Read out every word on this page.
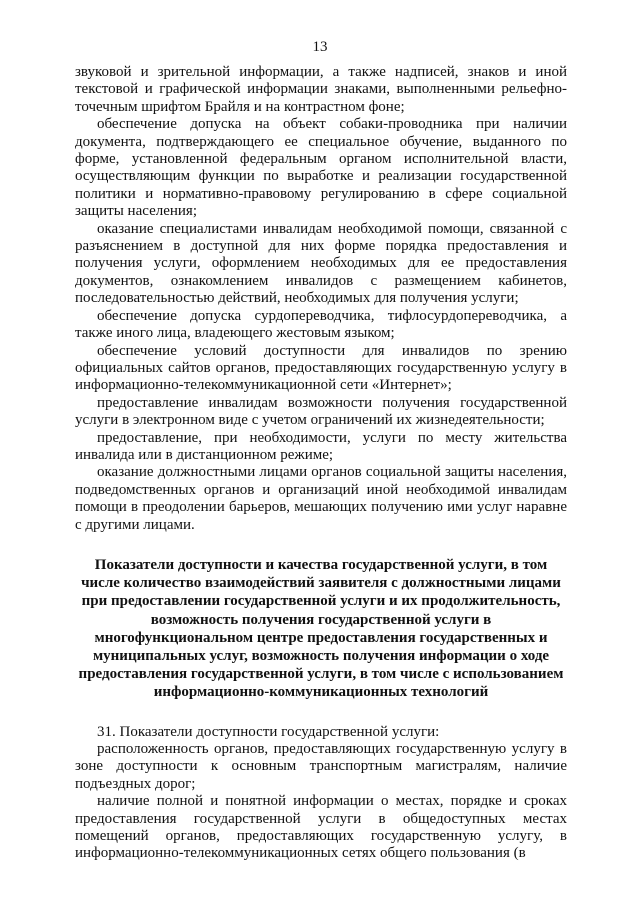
13

звуковой и зрительной информации, а также надписей, знаков и иной текстовой и графической информации знаками, выполненными рельефно-точечным шрифтом Брайля и на контрастном фоне;

обеспечение допуска на объект собаки-проводника при наличии документа, подтверждающего ее специальное обучение, выданного по форме, установленной федеральным органом исполнительной власти, осуществляющим функции по выработке и реализации государственной политики и нормативно-правовому регулированию в сфере социальной защиты населения;

оказание специалистами инвалидам необходимой помощи, связанной с разъяснением в доступной для них форме порядка предоставления и получения услуги, оформлением необходимых для ее предоставления документов, ознакомлением инвалидов с размещением кабинетов, последовательностью действий, необходимых для получения услуги;

обеспечение допуска сурдопереводчика, тифлосурдопереводчика, а также иного лица, владеющего жестовым языком;

обеспечение условий доступности для инвалидов по зрению официальных сайтов органов, предоставляющих государственную услугу в информационно-телекоммуникационной сети «Интернет»;

предоставление инвалидам возможности получения государственной услуги в электронном виде с учетом ограничений их жизнедеятельности;

предоставление, при необходимости, услуги по месту жительства инвалида или в дистанционном режиме;

оказание должностными лицами органов социальной защиты населения, подведомственных органов и организаций иной необходимой инвалидам помощи в преодолении барьеров, мешающих получению ими услуг наравне с другими лицами.

Показатели доступности и качества государственной услуги, в том числе количество взаимодействий заявителя с должностными лицами при предоставлении государственной услуги и их продолжительность, возможность получения государственной услуги в многофункциональном центре предоставления государственных и муниципальных услуг, возможность получения информации о ходе предоставления государственной услуги, в том числе с использованием информационно-коммуникационных технологий

31. Показатели доступности государственной услуги:

расположенность органов, предоставляющих государственную услугу в зоне доступности к основным транспортным магистралям, наличие подъездных дорог;

наличие полной и понятной информации о местах, порядке и сроках предоставления государственной услуги в общедоступных местах помещений органов, предоставляющих государственную услугу, в информационно-телекоммуникационных сетях общего пользования (в
